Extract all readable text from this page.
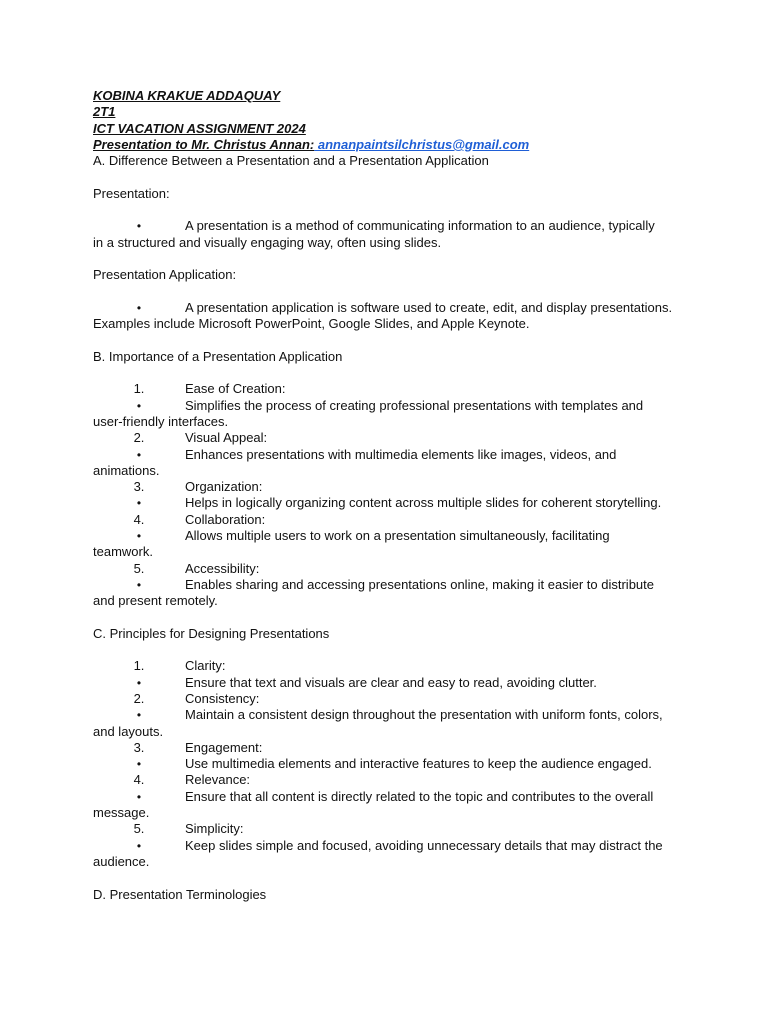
KOBINA KRAKUE ADDAQUAY
2T1
ICT VACATION ASSIGNMENT 2024
Presentation to Mr. Christus Annan: annanpaintsilchristus@gmail.com
A. Difference Between a Presentation and a Presentation Application
Presentation:
•	A presentation is a method of communicating information to an audience, typically
in a structured and visually engaging way, often using slides.
Presentation Application:
•	A presentation application is software used to create, edit, and display presentations.
Examples include Microsoft PowerPoint, Google Slides, and Apple Keynote.
B. Importance of a Presentation Application
1.	Ease of Creation:
•	Simplifies the process of creating professional presentations with templates and
user-friendly interfaces.
2.	Visual Appeal:
•	Enhances presentations with multimedia elements like images, videos, and
animations.
3.	Organization:
•	Helps in logically organizing content across multiple slides for coherent storytelling.
4.	Collaboration:
•	Allows multiple users to work on a presentation simultaneously, facilitating
teamwork.
5.	Accessibility:
•	Enables sharing and accessing presentations online, making it easier to distribute
and present remotely.
C. Principles for Designing Presentations
1.	Clarity:
•	Ensure that text and visuals are clear and easy to read, avoiding clutter.
2.	Consistency:
•	Maintain a consistent design throughout the presentation with uniform fonts, colors,
and layouts.
3.	Engagement:
•	Use multimedia elements and interactive features to keep the audience engaged.
4.	Relevance:
•	Ensure that all content is directly related to the topic and contributes to the overall
message.
5.	Simplicity:
•	Keep slides simple and focused, avoiding unnecessary details that may distract the
audience.
D. Presentation Terminologies
